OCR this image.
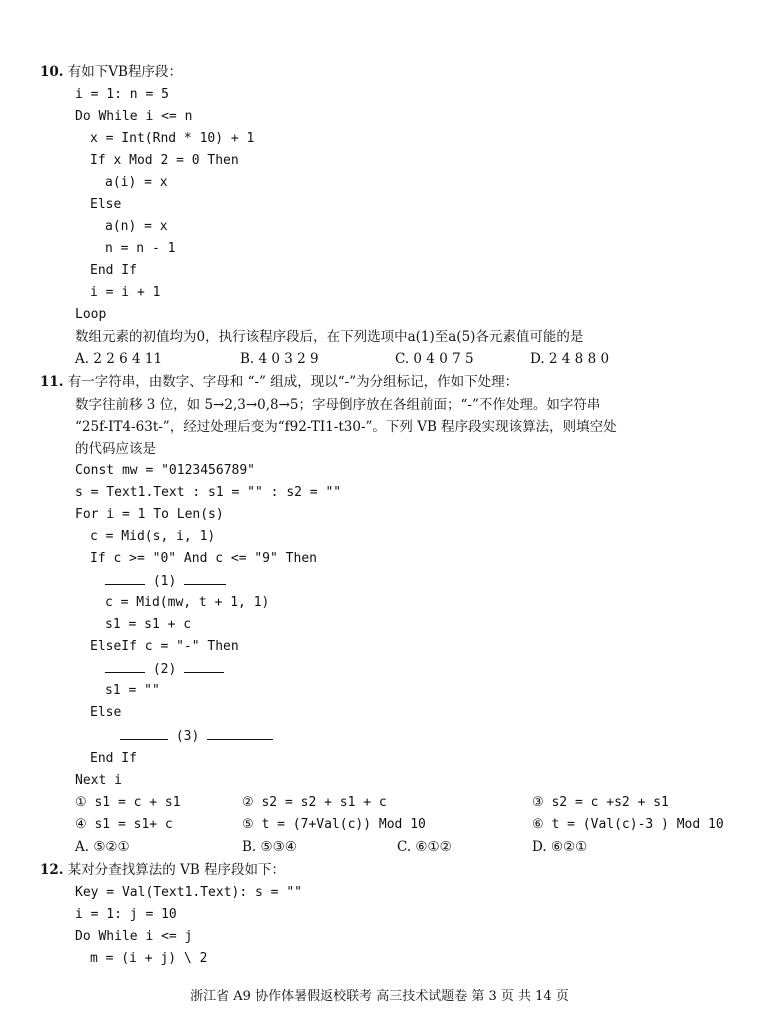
10. 有如下VB程序段：
i = 1: n = 5
Do While i <= n
x = Int(Rnd * 10) + 1
If x Mod 2 = 0 Then
a(i) = x
Else
a(n) = x
n = n - 1
End If
i = i + 1
Loop
数组元素的初值均为0，执行该程序段后，在下列选项中a(1)至a(5)各元素值可能的是
A. 2 2 6 4 11	B. 4 0 3 2 9	C. 0 4 0 7 5	D. 2 4 8 8 0
11. 有一字符串，由数字、字母和 “-” 组成，现以“-”为分组标记，作如下处理：
数字往前移 3 位，如 5→2,3→0,8→5；字母倒序放在各组前面；“-”不作处理。如字符串
“25f-IT4-63t-”，经过处理后变为“f92-TI1-t30-”。下列 VB 程序段实现该算法，则填空处
的代码应该是
Const mw = "0123456789"
s = Text1.Text : s1 = "" : s2 = ""
For i = 1 To Len(s)
c = Mid(s, i, 1)
If c >= "0" And c <= "9" Then
(1)
c = Mid(mw, t + 1, 1)
s1 = s1 + c
ElseIf c = "-" Then
(2)
s1 = ""
Else
(3)
End If
Next i
① s1 = c + s1	② s2 = s2 + s1 + c	③ s2 = c +s2 + s1
④ s1 = s1+ c	⑤ t = (7+Val(c)) Mod 10	⑥ t = (Val(c)-3 ) Mod 10
A. ⑤②①	B. ⑤③④	C. ⑥①②	D. ⑥②①
12. 某对分查找算法的 VB 程序段如下：
Key = Val(Text1.Text): s = ""
i = 1: j = 10
Do While i <= j
m = (i + j) \ 2
浙江省 A9 协作体暑假返校联考 高三技术试题卷 第 3 页 共 14 页
